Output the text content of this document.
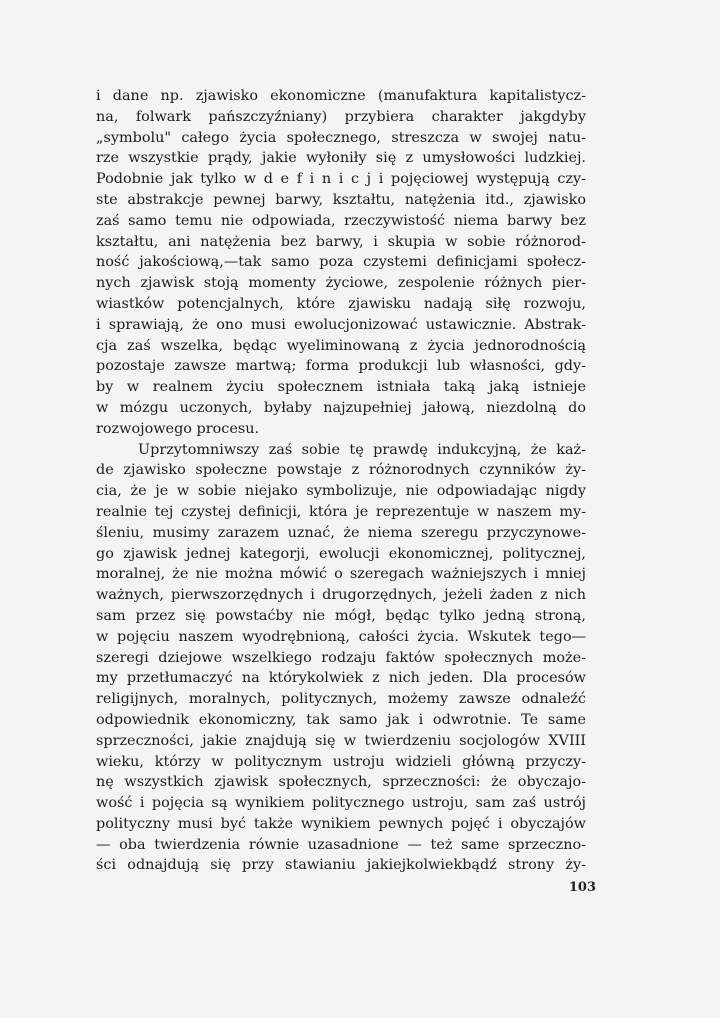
i dane np. zjawisko ekonomiczne (manufaktura kapitalistycz-
na, folwark pańszczyźniany) przybiera charakter jakgdyby
„symbolu" całego życia społecznego, streszcza w swojej natu-
rze wszystkie prądy, jakie wyłoniły się z umysłowości ludzkiej.
Podobnie jak tylko w d e f i n i c j i pojęciowej występują czy-
ste abstrakcje pewnej barwy, kształtu, natężenia itd., zjawisko
zaś samo temu nie odpowiada, rzeczywistość niema barwy bez
kształtu, ani natężenia bez barwy, i skupia w sobie różnorod-
ność jakościową,—tak samo poza czystemi definicjami społecz-
nych zjawisk stoją momenty życiowe, zespolenie różnych pier-
wiastków potencjalnych, które zjawisku nadają siłę rozwoju,
i sprawiają, że ono musi ewolucjonizować ustawicznie. Abstrak-
cja zaś wszelka, będąc wyeliminowaną z życia jednorodnością
pozostaje zawsze martwą; forma produkcji lub własności, gdy-
by w realnem życiu społecznem istniała taką jaką istnieje
w mózgu uczonych, byłaby najzupełniej jałową, niezdolną do
rozwojowego procesu.
Uprzytomniwszy zaś sobie tę prawdę indukcyjną, że każ-
de zjawisko społeczne powstaje z różnorodnych czynników ży-
cia, że je w sobie niejako symbolizuje, nie odpowiadając nigdy
realnie tej czystej definicji, która je reprezentuje w naszem my-
śleniu, musimy zarazem uznać, że niema szeregu przyczynowe-
go zjawisk jednej kategorji, ewolucji ekonomicznej, politycznej,
moralnej, że nie można mówić o szeregach ważniejszych i mniej
ważnych, pierwszorzędnych i drugorzędnych, jeżeli żaden z nich
sam przez się powstaćby nie mógł, będąc tylko jedną stroną,
w pojęciu naszem wyodrębnioną, całości życia. Wskutek tego—
szeregi dziejowe wszelkiego rodzaju faktów społecznych może-
my przetłumaczyć na którykolwiek z nich jeden. Dla procesów
religijnych, moralnych, politycznych, możemy zawsze odnaleźć
odpowiednik ekonomiczny, tak samo jak i odwrotnie. Te same
sprzeczności, jakie znajdują się w twierdzeniu socjologów XVIII
wieku, którzy w politycznym ustroju widzieli główną przyczy-
nę wszystkich zjawisk społecznych, sprzeczności: że obyczajo-
wość i pojęcia są wynikiem politycznego ustroju, sam zaś ustrój
polityczny musi być także wynikiem pewnych pojęć i obyczajów
— oba twierdzenia równie uzasadnione — też same sprzeczno-
ści odnajdują się przy stawianiu jakiejkolwiekbądź strony ży-
103
